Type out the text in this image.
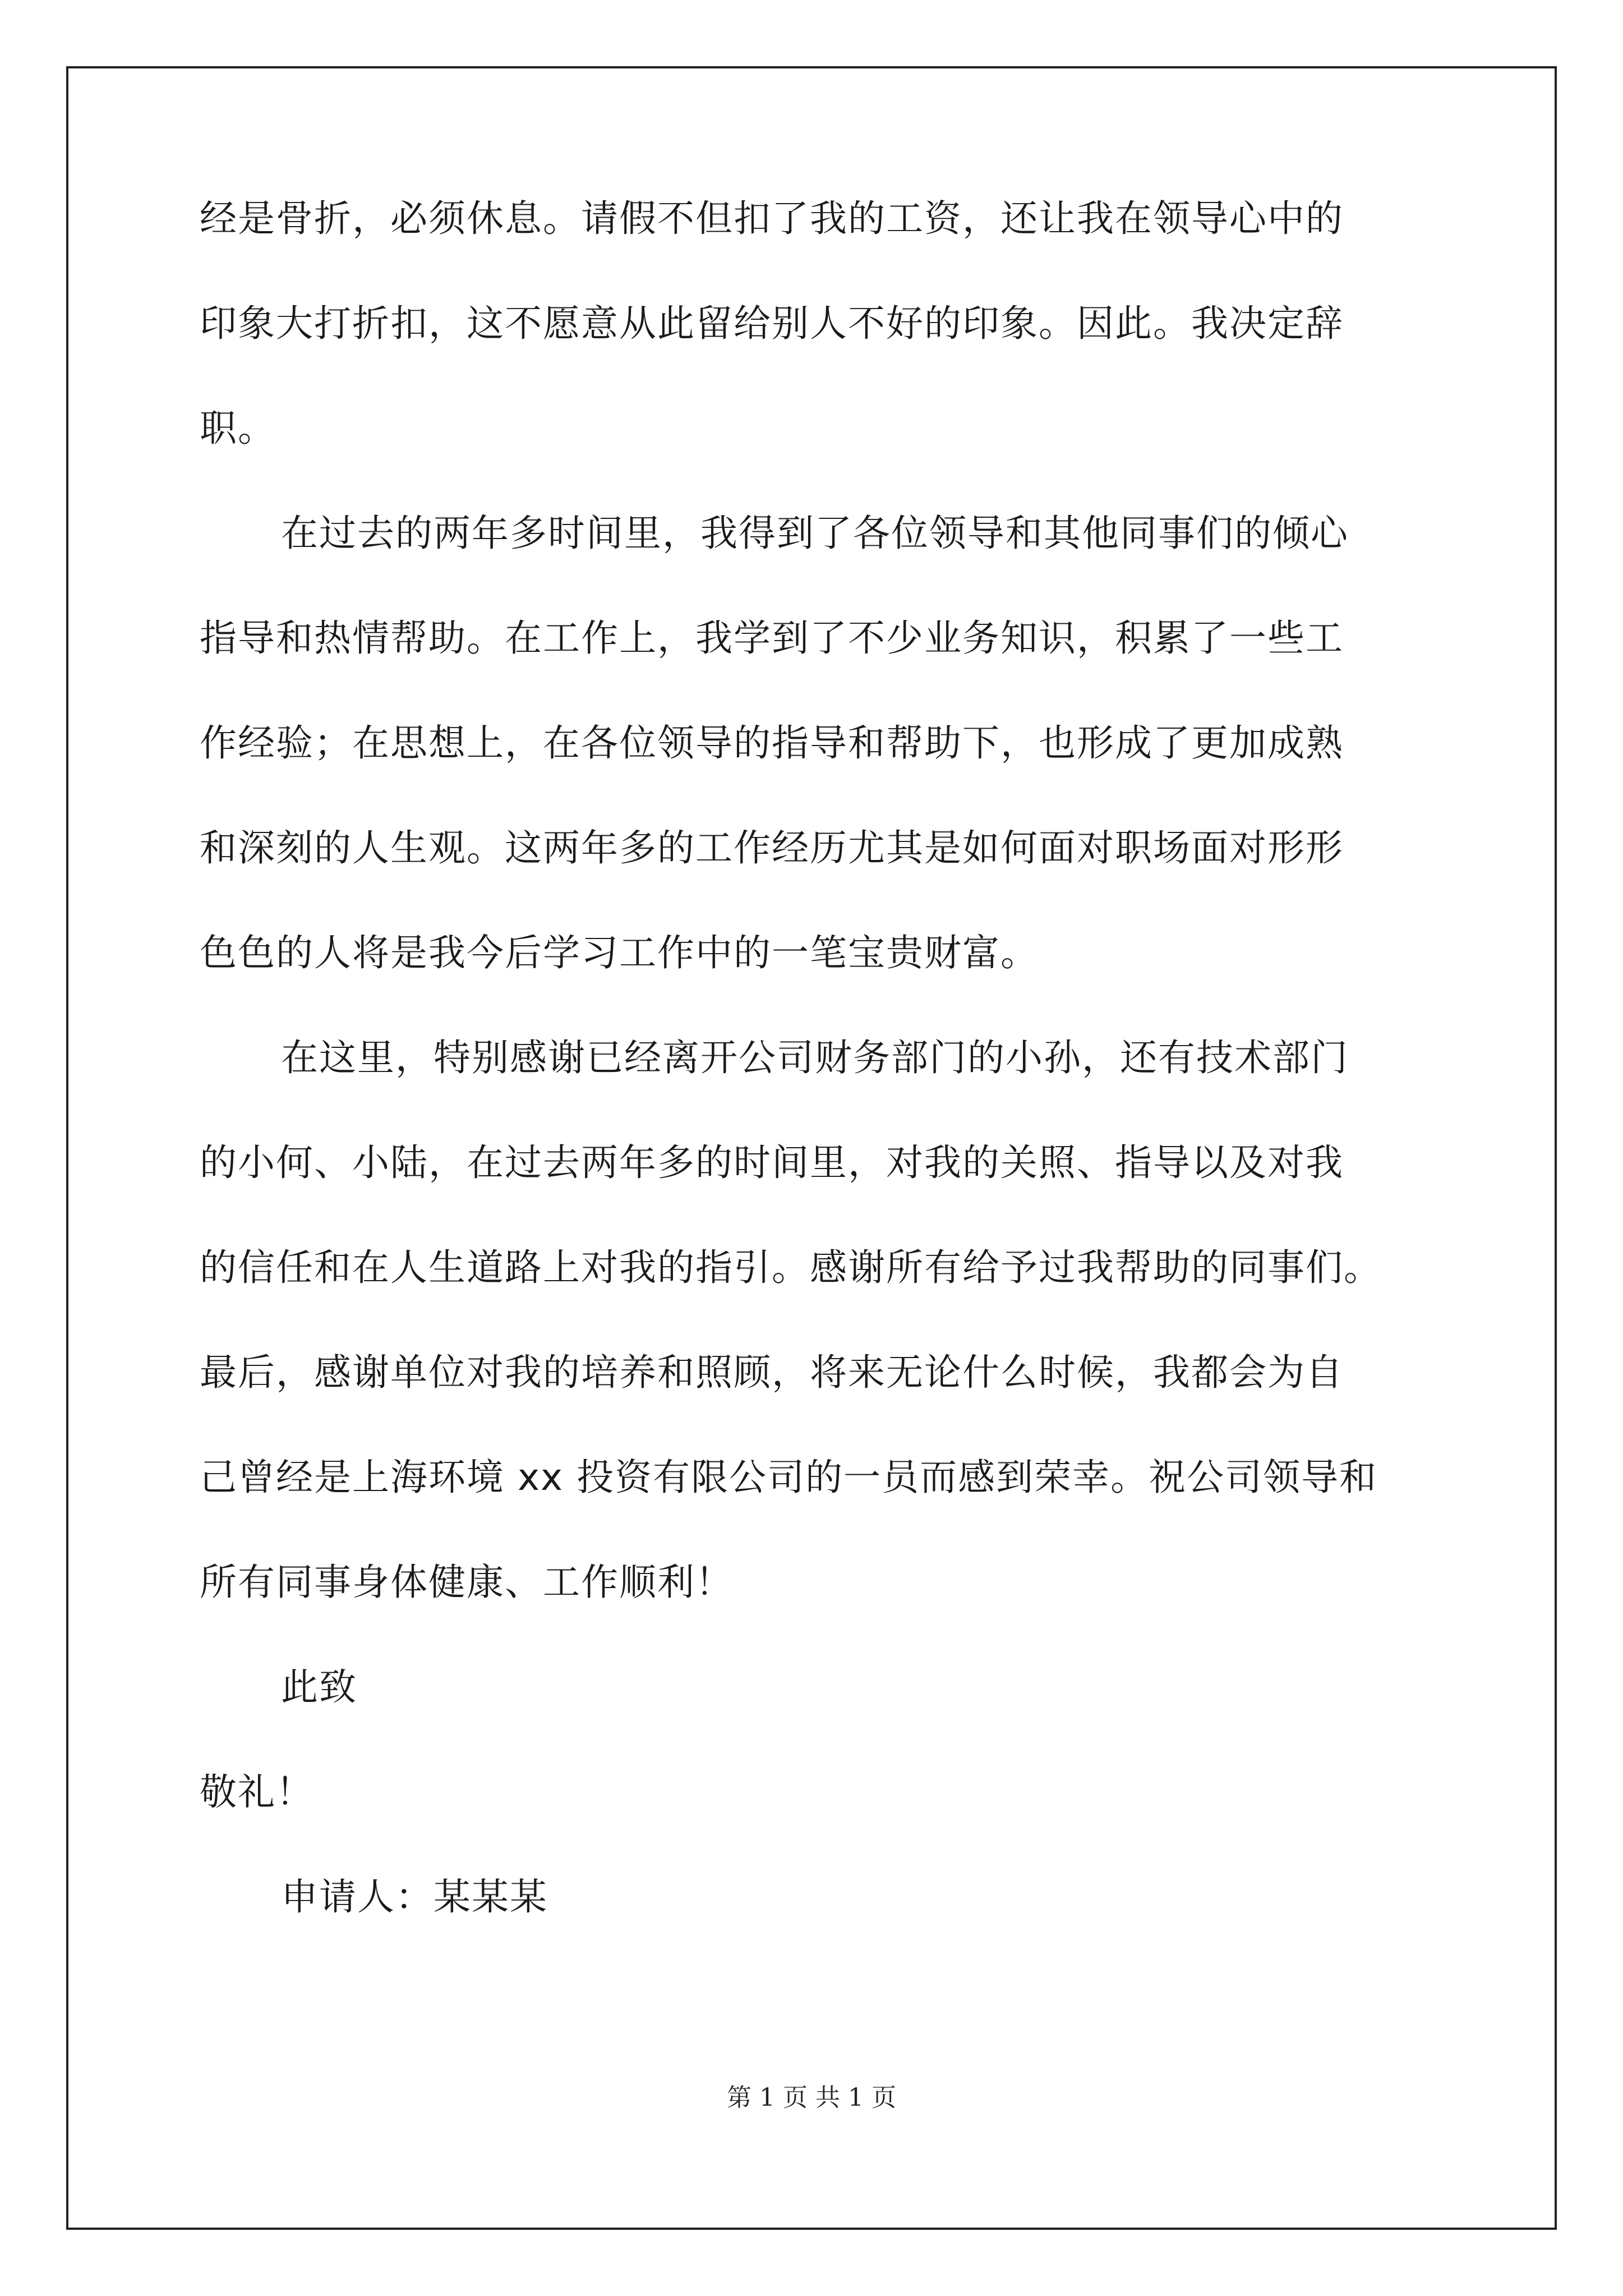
经是骨折，必须休息。请假不但扣了我的工资，还让我在领导心中的
印象大打折扣，这不愿意从此留给别人不好的印象。因此。我决定辞
职。
在过去的两年多时间里，我得到了各位领导和其他同事们的倾心
指导和热情帮助。在工作上，我学到了不少业务知识，积累了一些工
作经验；在思想上，在各位领导的指导和帮助下，也形成了更加成熟
和深刻的人生观。这两年多的工作经历尤其是如何面对职场面对形形
色色的人将是我今后学习工作中的一笔宝贵财富。
在这里，特别感谢已经离开公司财务部门的小孙，还有技术部门
的小何、小陆，在过去两年多的时间里，对我的关照、指导以及对我
的信任和在人生道路上对我的指引。感谢所有给予过我帮助的同事们。
最后，感谢单位对我的培养和照顾，将来无论什么时候，我都会为自
己曾经是上海环境 xx 投资有限公司的一员而感到荣幸。祝公司领导和
所有同事身体健康、工作顺利！
此致
敬礼！
申请人：某某某
第 1 页 共 1 页
